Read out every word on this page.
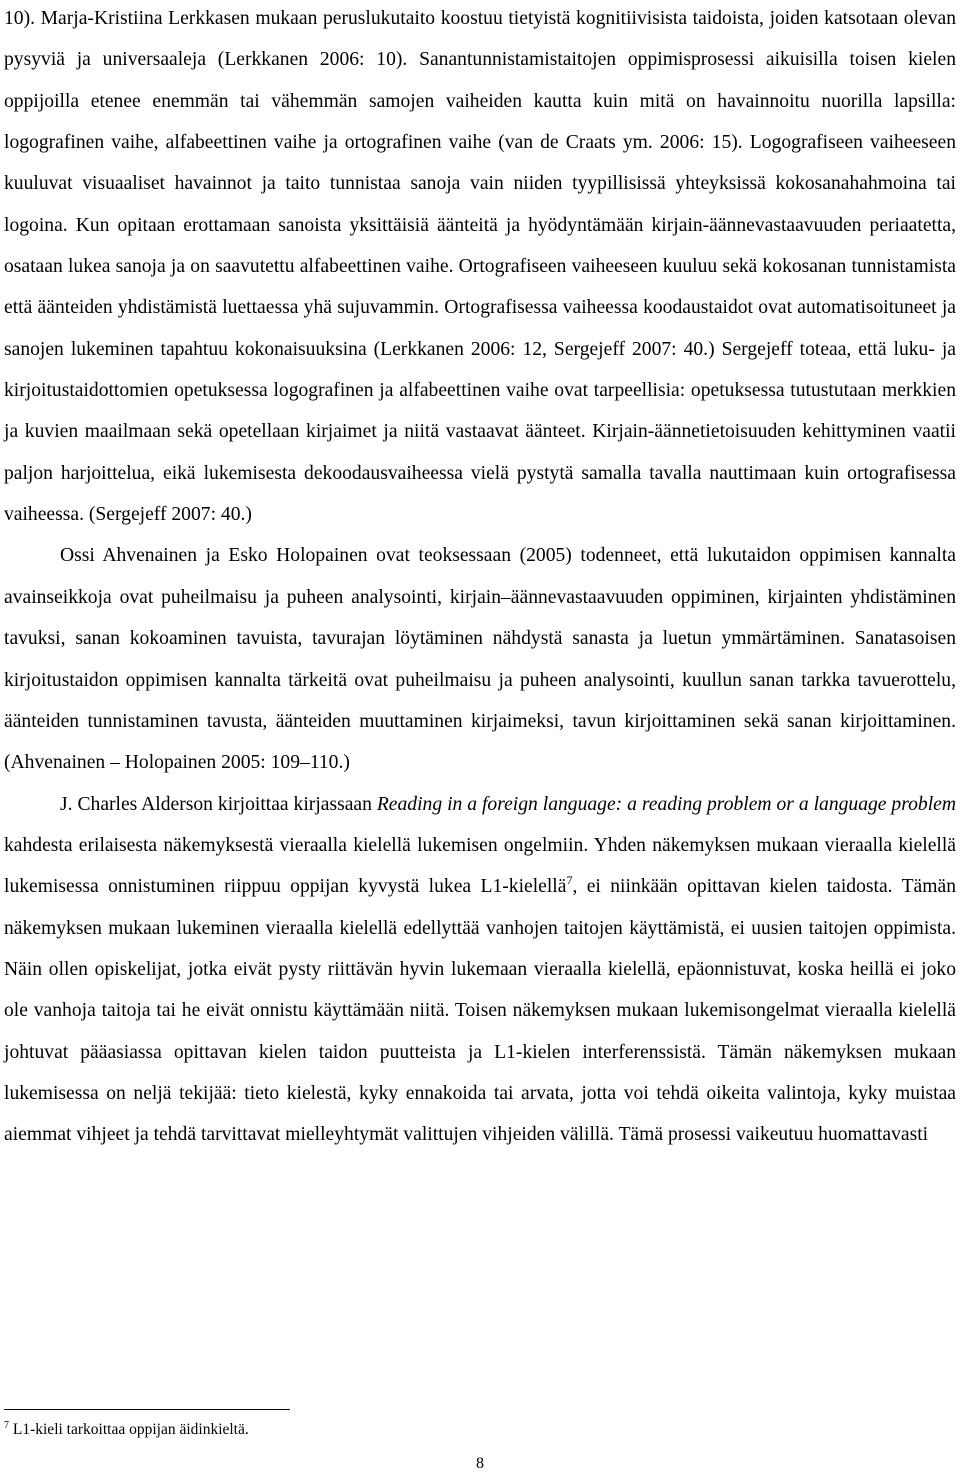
10). Marja-Kristiina Lerkkasen mukaan peruslukutaito koostuu tietyistä kognitiivisista taidoista, joiden katsotaan olevan pysyviä ja universaaleja (Lerkkanen 2006: 10). Sanantunnistamistaitojen oppimisprosessi aikuisilla toisen kielen oppijoilla etenee enemmän tai vähemmän samojen vaiheiden kautta kuin mitä on havainnoitu nuorilla lapsilla: logografinen vaihe, alfabeettinen vaihe ja ortografinen vaihe (van de Craats ym. 2006: 15). Logografiseen vaiheeseen kuuluvat visuaaliset havainnot ja taito tunnistaa sanoja vain niiden tyypillisissä yhteyksissä kokosanahahmoina tai logoina. Kun opitaan erottamaan sanoista yksittäisiä äänteitä ja hyödyntämään kirjain-äännevastaavuuden periaatetta, osataan lukea sanoja ja on saavutettu alfabeettinen vaihe. Ortografiseen vaiheeseen kuuluu sekä kokosanan tunnistamista että äänteiden yhdistämistä luettaessa yhä sujuvammin. Ortografisessa vaiheessa koodaustaidot ovat automatisoituneet ja sanojen lukeminen tapahtuu kokonaisuuksina (Lerkkanen 2006: 12, Sergejeff 2007: 40.) Sergejeff toteaa, että luku- ja kirjoitustaidottomien opetuksessa logografinen ja alfabeettinen vaihe ovat tarpeellisia: opetuksessa tutustutaan merkkien ja kuvien maailmaan sekä opetellaan kirjaimet ja niitä vastaavat äänteet. Kirjain-äännetietoisuuden kehittyminen vaatii paljon harjoittelua, eikä lukemisesta dekoodausvaiheessa vielä pystytä samalla tavalla nauttimaan kuin ortografisessa vaiheessa. (Sergejeff 2007: 40.)

Ossi Ahvenainen ja Esko Holopainen ovat teoksessaan (2005) todenneet, että lukutaidon oppimisen kannalta avainseikkoja ovat puheilmaisu ja puheen analysointi, kirjain–äännevastaavuuden oppiminen, kirjainten yhdistäminen tavuksi, sanan kokoaminen tavuista, tavurajan löytäminen nähdystä sanasta ja luetun ymmärtäminen. Sanatasoisen kirjoitustaidon oppimisen kannalta tärkeitä ovat puheilmaisu ja puheen analysointi, kuullun sanan tarkka tavuerottelu, äänteiden tunnistaminen tavusta, äänteiden muuttaminen kirjaimeksi, tavun kirjoittaminen sekä sanan kirjoittaminen. (Ahvenainen – Holopainen 2005: 109–110.)

J. Charles Alderson kirjoittaa kirjassaan Reading in a foreign language: a reading problem or a language problem kahdesta erilaisesta näkemyksestä vieraalla kielellä lukemisen ongelmiin. Yhden näkemyksen mukaan vieraalla kielellä lukemisessa onnistuminen riippuu oppijan kyvystä lukea L1-kielellä$^7$, ei niinkään opittavan kielen taidosta. Tämän näkemyksen mukaan lukeminen vieraalla kielellä edellyttää vanhojen taitojen käyttämistä, ei uusien taitojen oppimista. Näin ollen opiskelijat, jotka eivät pysty riittävän hyvin lukemaan vieraalla kielellä, epäonnistuvat, koska heillä ei joko ole vanhoja taitoja tai he eivät onnistu käyttämään niitä. Toisen näkemyksen mukaan lukemisongelmat vieraalla kielellä johtuvat pääasiassa opittavan kielen taidon puutteista ja L1-kielen interferenssistä. Tämän näkemyksen mukaan lukemisessa on neljä tekijää: tieto kielestä, kyky ennakoida tai arvata, jotta voi tehdä oikeita valintoja, kyky muistaa aiemmat vihjeet ja tehdä tarvittavat mielleyhtymät valittujen vihjeiden välillä. Tämä prosessi vaikeutuu huomattavasti

$^7$ L1-kieli tarkoittaa oppijan äidinkieltä.
8
